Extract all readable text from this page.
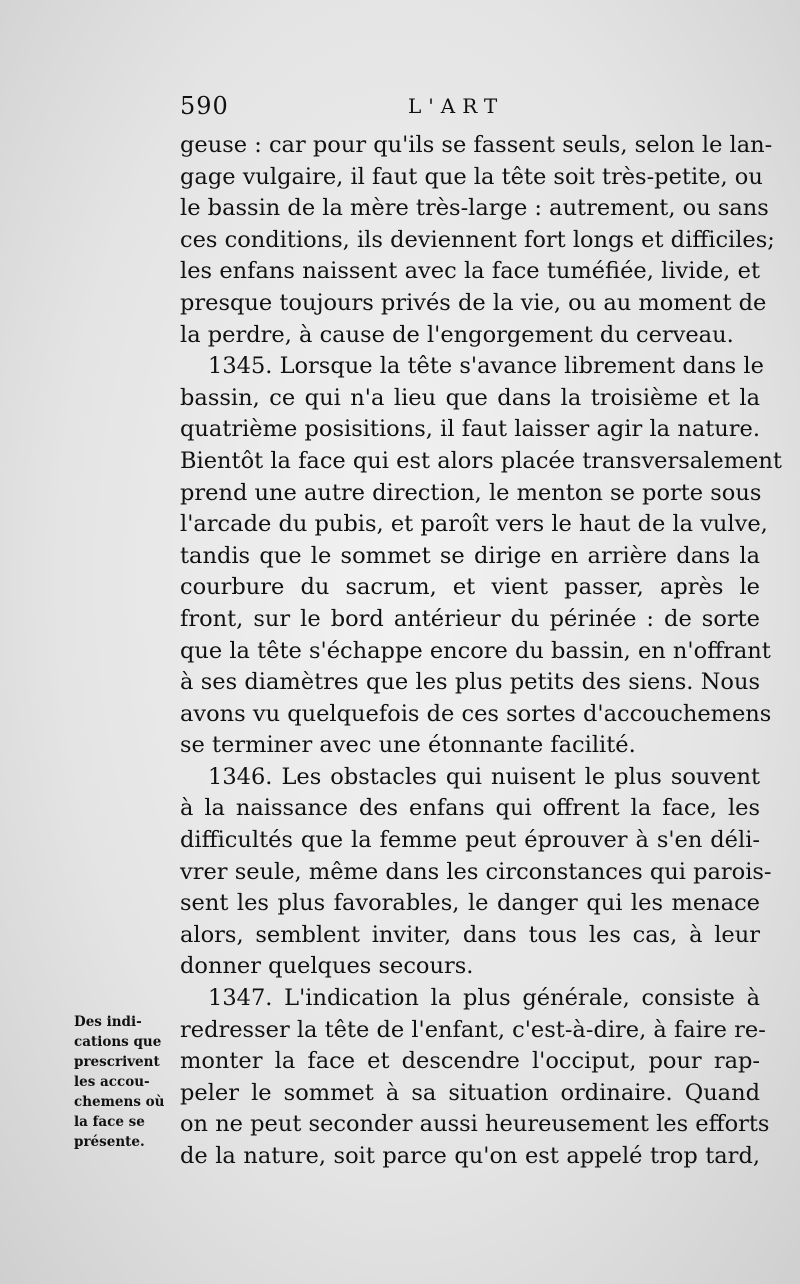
590	L'ART
geuse : car pour qu'ils se fassent seuls, selon le lan-
gage vulgaire, il faut que la tête soit très-petite, ou
le bassin de la mère très-large : autrement, ou sans
ces conditions, ils deviennent fort longs et difficiles;
les enfans naissent avec la face tuméfiée, livide, et
presque toujours privés de la vie, ou au moment de
la perdre, à cause de l'engorgement du cerveau.
1345. Lorsque la tête s'avance librement dans le
bassin, ce qui n'a lieu que dans la troisième et la
quatrième posisitions, il faut laisser agir la nature.
Bientôt la face qui est alors placée transversalement
prend une autre direction, le menton se porte sous
l'arcade du pubis, et paroît vers le haut de la vulve,
tandis que le sommet se dirige en arrière dans la
courbure du sacrum, et vient passer, après le
front, sur le bord antérieur du périnée : de sorte
que la tête s'échappe encore du bassin, en n'offrant
à ses diamètres que les plus petits des siens. Nous
avons vu quelquefois de ces sortes d'accouchemens
se terminer avec une étonnante facilité.
1346. Les obstacles qui nuisent le plus souvent
à la naissance des enfans qui offrent la face, les
difficultés que la femme peut éprouver à s'en déli-
vrer seule, même dans les circonstances qui parois-
sent les plus favorables, le danger qui les menace
alors, semblent inviter, dans tous les cas, à leur
donner quelques secours.
1347. L'indication la plus générale, consiste à
redresser la tête de l'enfant, c'est-à-dire, à faire re-
monter la face et descendre l'occiput, pour rap-
peler le sommet à sa situation ordinaire. Quand
on ne peut seconder aussi heureusement les efforts
de la nature, soit parce qu'on est appelé trop tard,
Des indi-
cations que
prescrivent
les accou-
chemens où
la face se
présente.
